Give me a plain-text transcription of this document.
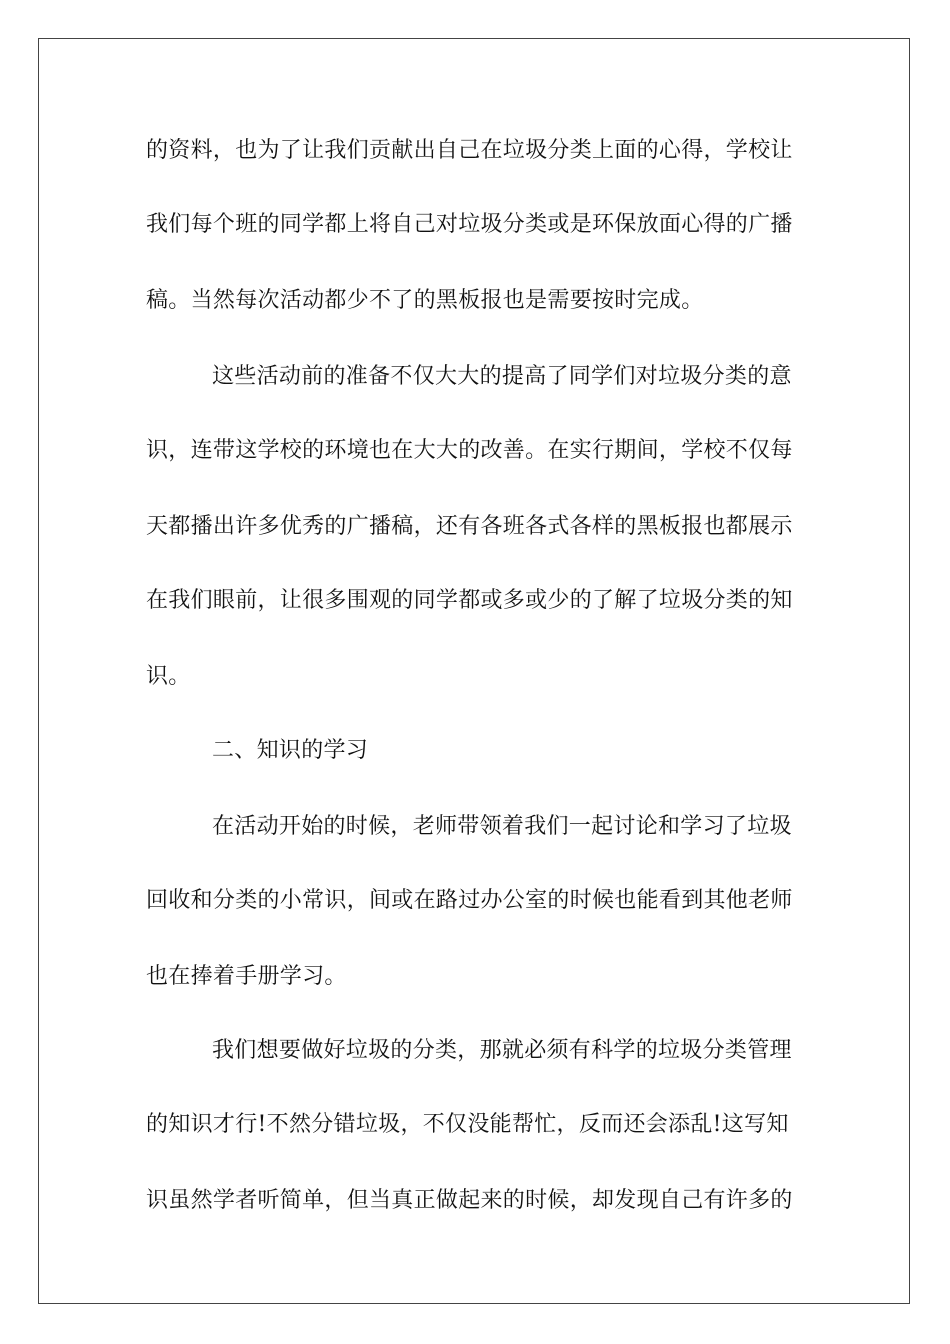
的资料，也为了让我们贡献出自己在垃圾分类上面的心得，学校让
我们每个班的同学都上将自己对垃圾分类或是环保放面心得的广播
稿。当然每次活动都少不了的黑板报也是需要按时完成。
这些活动前的准备不仅大大的提高了同学们对垃圾分类的意
识，连带这学校的环境也在大大的改善。在实行期间，学校不仅每
天都播出许多优秀的广播稿，还有各班各式各样的黑板报也都展示
在我们眼前，让很多围观的同学都或多或少的了解了垃圾分类的知
识。
二、知识的学习
在活动开始的时候，老师带领着我们一起讨论和学习了垃圾
回收和分类的小常识，间或在路过办公室的时候也能看到其他老师
也在捧着手册学习。
我们想要做好垃圾的分类，那就必须有科学的垃圾分类管理
的知识才行!不然分错垃圾，不仅没能帮忙，反而还会添乱!这写知
识虽然学者听简单，但当真正做起来的时候，却发现自己有许多的
